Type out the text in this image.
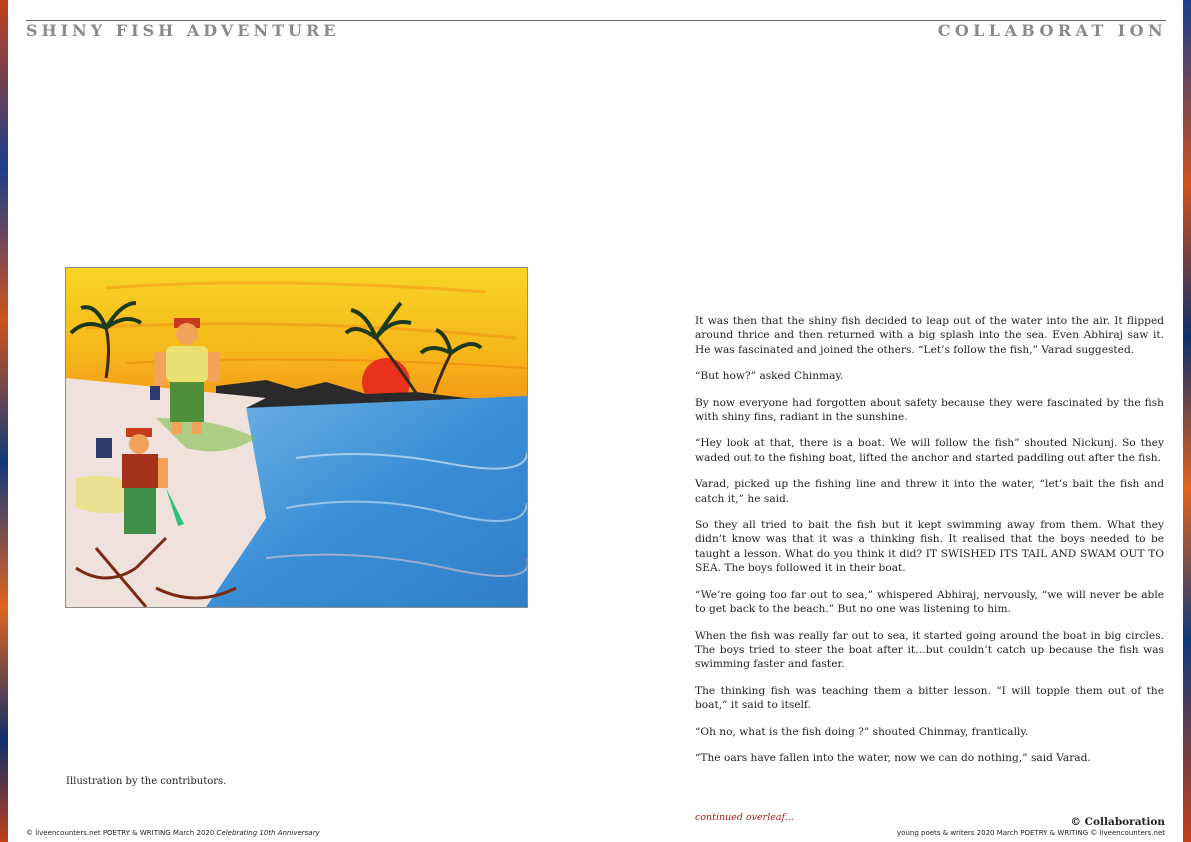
SHINY FISH ADVENTURE	COLLABORAT ION

Illustration by the contributors.

It was then that the shiny fish decided to leap out of the water into the air. It flipped around thrice and then returned with a big splash into the sea. Even Abhiraj saw it. He was fascinated and joined the others. “Let’s follow the fish,” Varad suggested.

“But how?” asked Chinmay.

By now everyone had forgotten about safety because they were fascinated by the fish with shiny fins, radiant in the sunshine.

“Hey look at that, there is a boat. We will follow the fish” shouted Nickunj. So they waded out to the fishing boat, lifted the anchor and started paddling out after the fish.

Varad, picked up the fishing line and threw it into the water, “let’s bait the fish and catch it,” he said.

So they all tried to bait the fish but it kept swimming away from them. What they didn’t know was that it was a thinking fish. It realised that the boys needed to be taught a lesson. What do you think it did? IT SWISHED ITS TAIL AND SWAM OUT TO SEA. The boys followed it in their boat.

“We’re going too far out to sea,” whispered Abhiraj, nervously, “we will never be able to get back to the beach.” But no one was listening to him.

When the fish was really far out to sea, it started going around the boat in big circles. The boys tried to steer the boat after it…but couldn’t catch up because the fish was swimming faster and faster.

The thinking fish was teaching them a bitter lesson. “I will topple them out of the boat,” it said to itself.

“Oh no, what is the fish doing ?” shouted Chinmay, frantically.

“The oars have fallen into the water, now we can do nothing,” said Varad.

continued overleaf...	© Collaboration

© liveencounters.net POETRY & WRITING March 2020 Celebrating 10th Anniversary	young poets & writers 2020 March POETRY & WRITING © liveencounters.net
